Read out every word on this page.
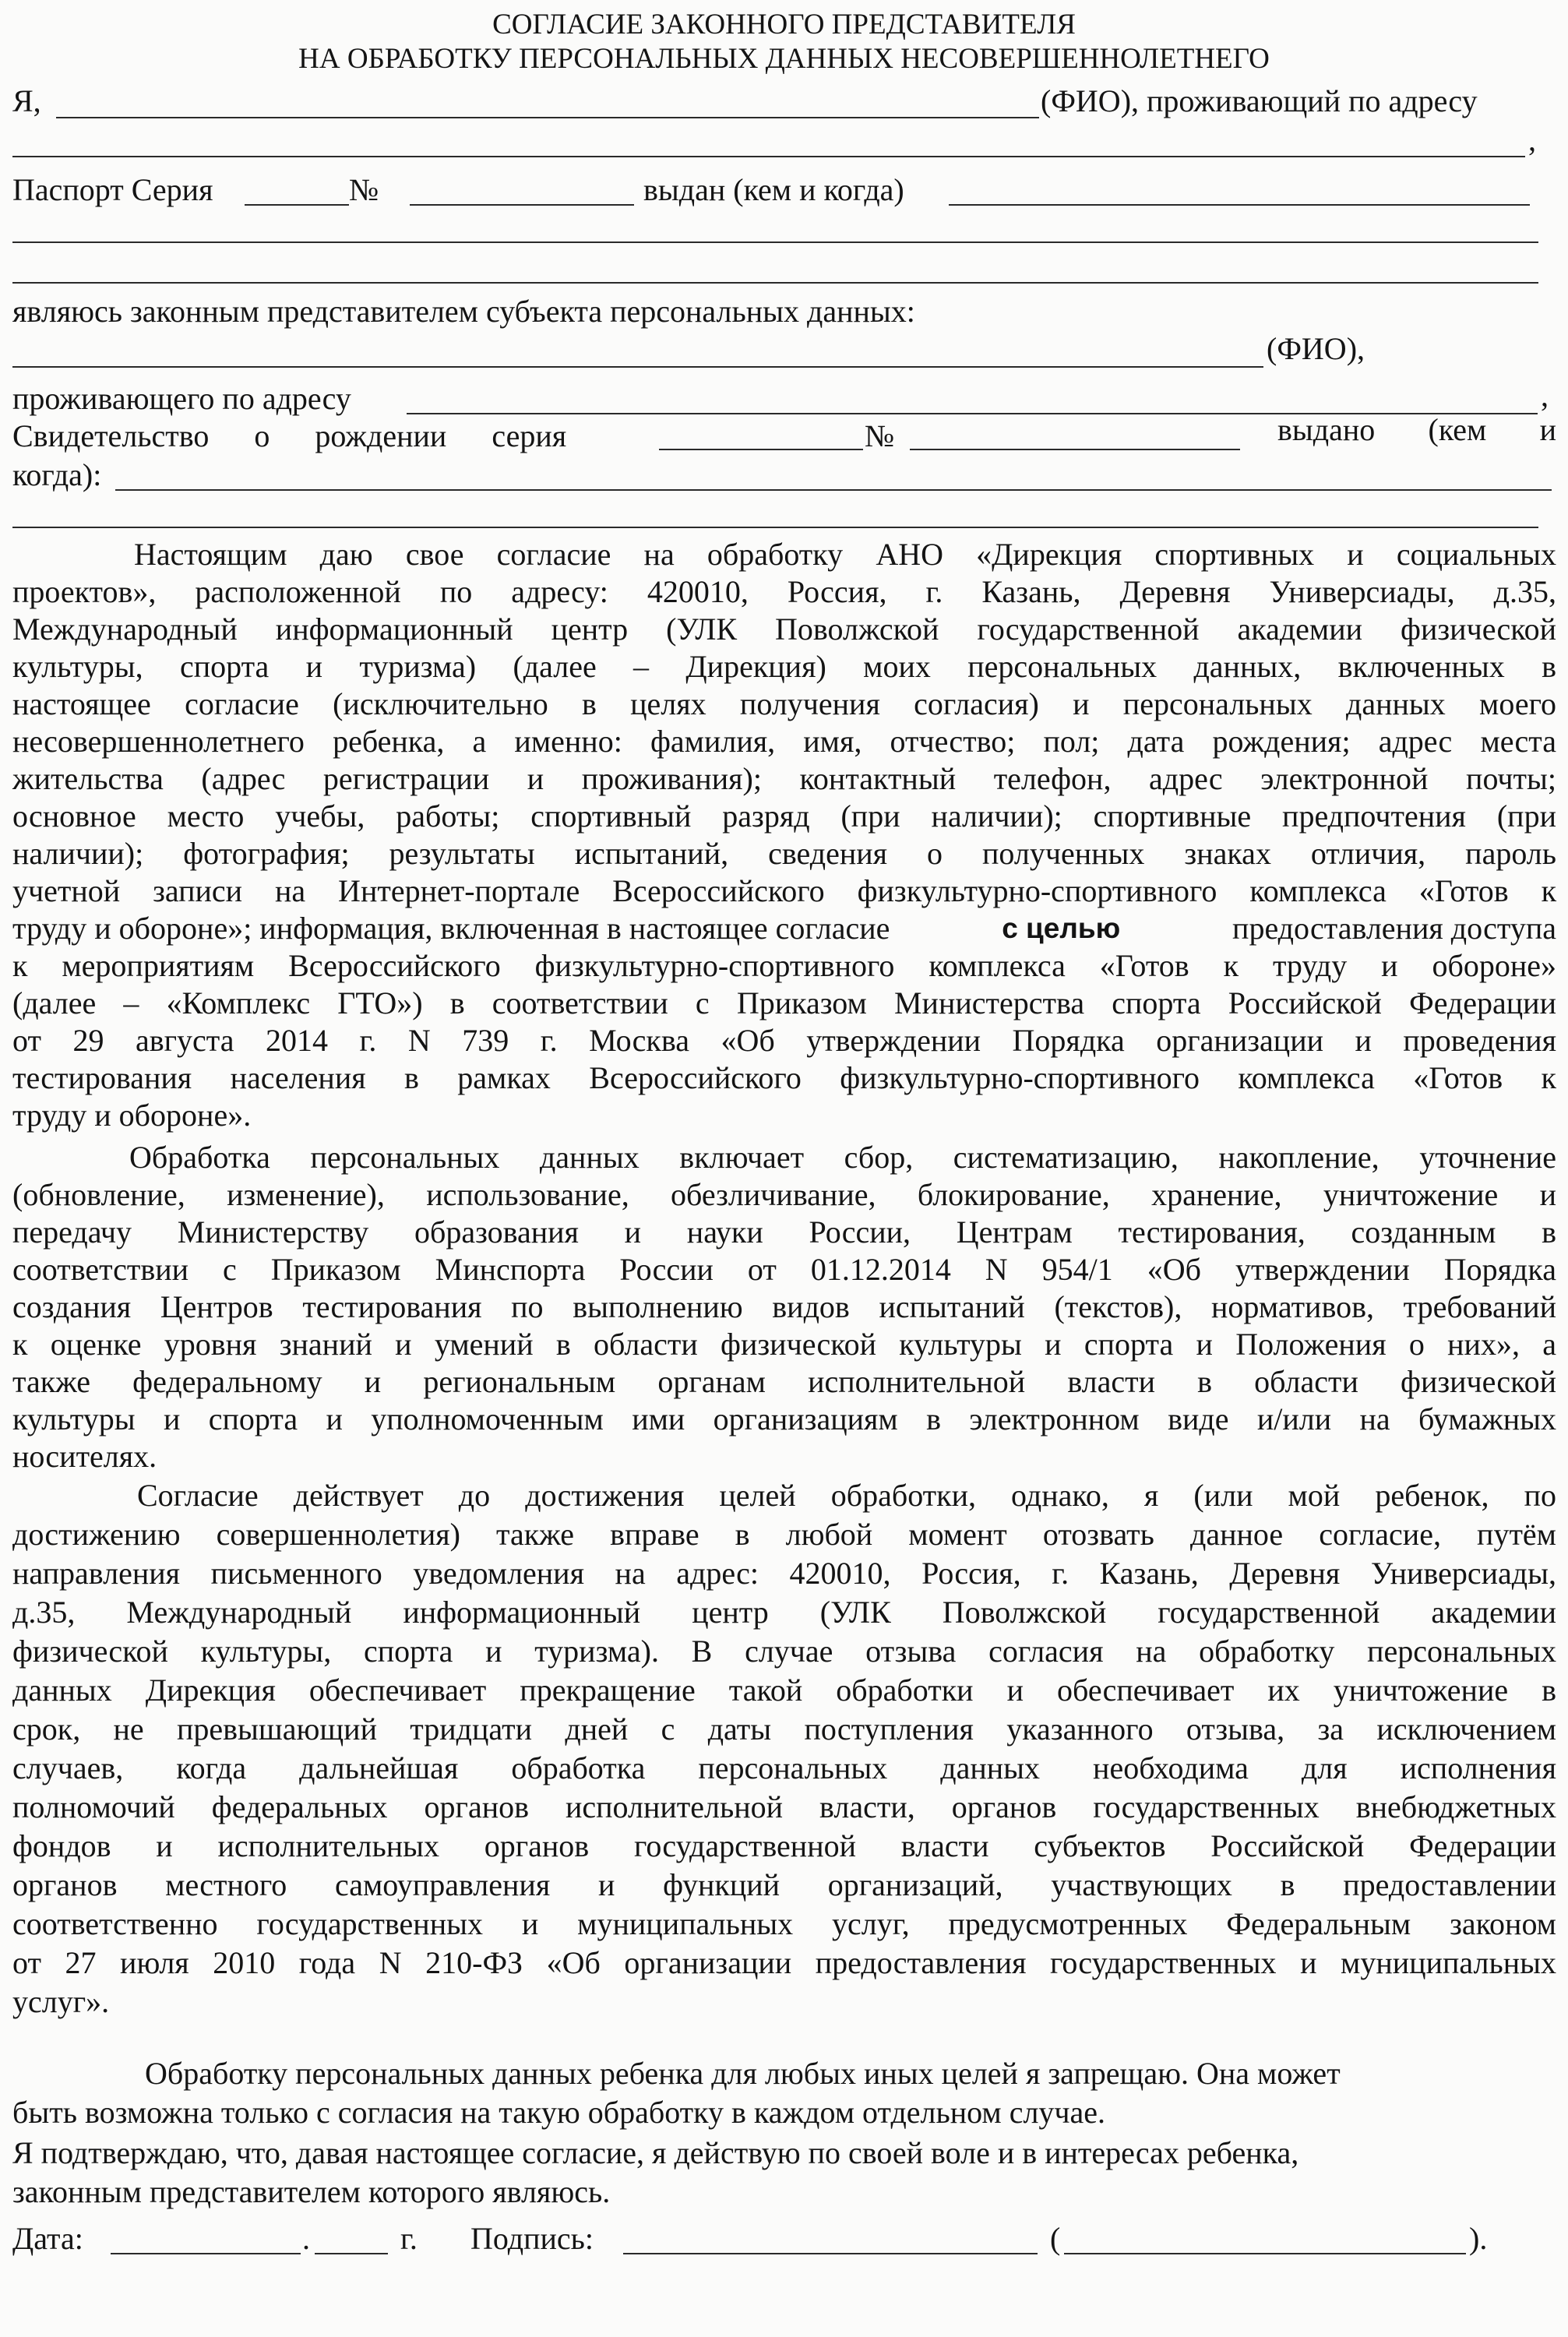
СОГЛАСИЕ ЗАКОННОГО ПРЕДСТАВИТЕЛЯ
НА ОБРАБОТКУ ПЕРСОНАЛЬНЫХ ДАННЫХ НЕСОВЕРШЕННОЛЕТНЕГО
Я,	(ФИО), проживающий по адресу
,
Паспорт Серия	№	выдан (кем и когда)
являюсь законным представителем субъекта персональных данных:
(ФИО),
проживающего по адресу	,
Свидетельство о рождении серия	№	выдано (кем и
когда):
Настоящим даю свое согласие на обработку АНО «Дирекция спортивных и социальных
проектов», расположенной по адресу: 420010, Россия, г. Казань, Деревня Универсиады, д.35,
Международный информационный центр (УЛК Поволжской государственной академии физической
культуры, спорта и туризма) (далее – Дирекция) моих персональных данных, включенных в
настоящее согласие (исключительно в целях получения согласия) и персональных данных моего
несовершеннолетнего ребенка, а именно: фамилия, имя, отчество; пол; дата рождения; адрес места
жительства (адрес регистрации и проживания); контактный телефон, адрес электронной почты;
основное место учебы, работы; спортивный разряд (при наличии); спортивные предпочтения (при
наличии); фотография; результаты испытаний, сведения о полученных знаках отличия, пароль
учетной записи на Интернет-портале Всероссийского физкультурно-спортивного комплекса «Готов к
труду и обороне»; информация, включенная в настоящее согласие	с целью	предоставления доступа
к мероприятиям Всероссийского физкультурно-спортивного комплекса «Готов к труду и обороне»
(далее – «Комплекс ГТО») в соответствии с Приказом Министерства спорта Российской Федерации
от 29 августа 2014 г. N 739 г. Москва «Об утверждении Порядка организации и проведения
тестирования населения в рамках Всероссийского физкультурно-спортивного комплекса «Готов к
труду и обороне».
Обработка персональных данных включает сбор, систематизацию, накопление, уточнение
(обновление, изменение), использование, обезличивание, блокирование, хранение, уничтожение и
передачу Министерству образования и науки России, Центрам тестирования, созданным в
соответствии с Приказом Минспорта России от 01.12.2014 N 954/1 «Об утверждении Порядка
создания Центров тестирования по выполнению видов испытаний (текстов), нормативов, требований
к оценке уровня знаний и умений в области физической культуры и спорта и Положения о них», а
также федеральному и региональным органам исполнительной власти в области физической
культуры и спорта и уполномоченным ими организациям в электронном виде и/или на бумажных
носителях.
Согласие действует до достижения целей обработки, однако, я (или мой ребенок, по
достижению совершеннолетия) также вправе в любой момент отозвать данное согласие, путём
направления письменного уведомления на адрес: 420010, Россия, г. Казань, Деревня Универсиады,
д.35, Международный информационный центр (УЛК Поволжской государственной академии
физической культуры, спорта и туризма). В случае отзыва согласия на обработку персональных
данных Дирекция обеспечивает прекращение такой обработки и обеспечивает их уничтожение в
срок, не превышающий тридцати дней с даты поступления указанного отзыва, за исключением
случаев, когда дальнейшая обработка персональных данных необходима для исполнения
полномочий федеральных органов исполнительной власти, органов государственных внебюджетных
фондов и исполнительных органов государственной власти субъектов Российской Федерации
органов местного самоуправления и функций организаций, участвующих в предоставлении
соответственно государственных и муниципальных услуг, предусмотренных Федеральным законом
от 27 июля 2010 года N 210-ФЗ «Об организации предоставления государственных и муниципальных
услуг».
Обработку персональных данных ребенка для любых иных целей я запрещаю. Она может
быть возможна только с согласия на такую обработку в каждом отдельном случае.
Я подтверждаю, что, давая настоящее согласие, я действую по своей воле и в интересах ребенка,
законным представителем которого являюсь.
Дата:	.	г. Подпись:	(	).
